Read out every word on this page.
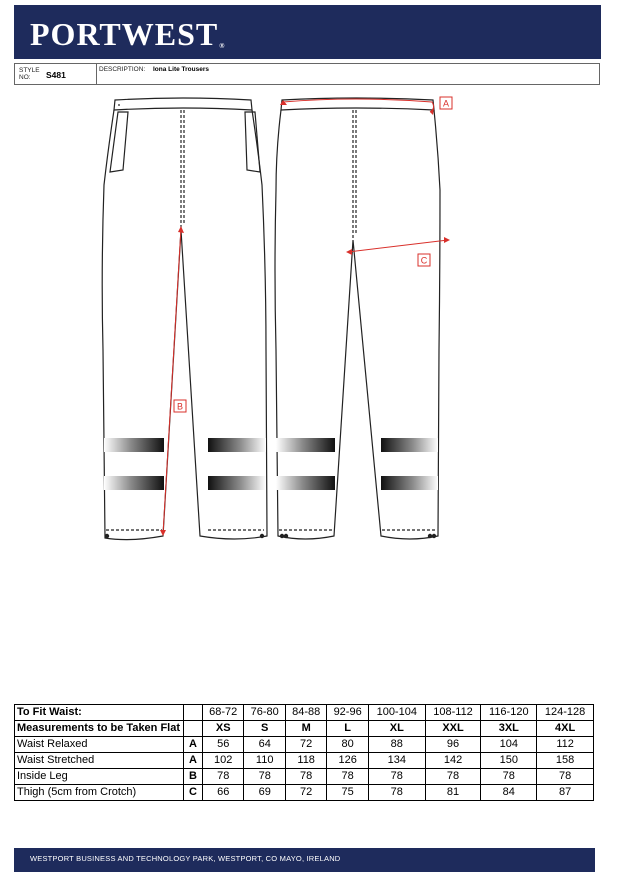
PORTWEST®
STYLE NO:	S481
DESCRIPTION: Iona Lite Trousers
A
B
C
To Fit Waist:		68-72	76-80	84-88	92-96	100-104	108-112	116-120	124-128
Measurements to be Taken Flat		XS	S	M	L	XL	XXL	3XL	4XL
Waist Relaxed	A	56	64	72	80	88	96	104	112
Waist Stretched	A	102	110	118	126	134	142	150	158
Inside Leg	B	78	78	78	78	78	78	78	78
Thigh (5cm from Crotch)	C	66	69	72	75	78	81	84	87
WESTPORT BUSINESS AND TECHNOLOGY PARK, WESTPORT, CO MAYO, IRELAND
